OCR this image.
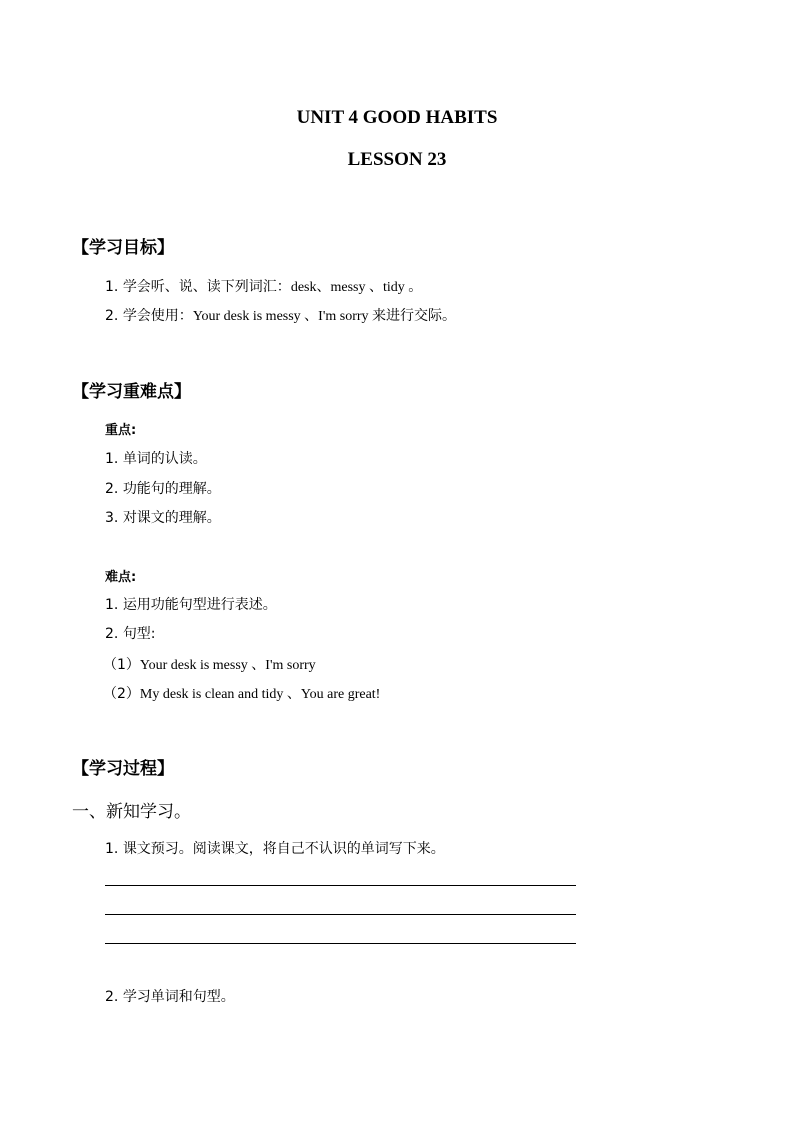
UNIT 4 GOOD HABITS
LESSON 23
【学习目标】
1. 学会听、说、读下列词汇：desk、messy 、tidy 。
2. 学会使用：Your desk is messy 、I'm sorry 来进行交际。
【学习重难点】
重点:
1. 单词的认读。
2. 功能句的理解。
3. 对课文的理解。
难点:
1. 运用功能句型进行表述。
2. 句型:
（1）Your desk is messy 、I'm sorry
（2）My desk is clean and tidy 、You are great!
【学习过程】
一、新知学习。
1. 课文预习。阅读课文，将自己不认识的单词写下来。
2. 学习单词和句型。
